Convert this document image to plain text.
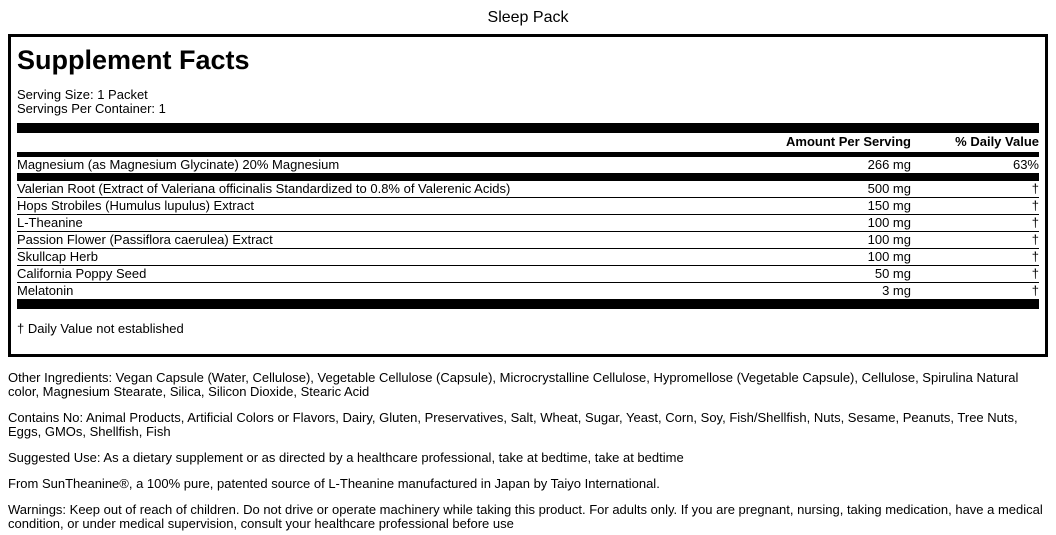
Sleep Pack
Supplement Facts
Serving Size: 1 Packet
Servings Per Container: 1
Amount Per Serving	% Daily Value
Magnesium (as Magnesium Glycinate) 20% Magnesium	266 mg	63%
Valerian Root (Extract of Valeriana officinalis Standardized to 0.8% of Valerenic Acids)	500 mg	†
Hops Strobiles (Humulus lupulus) Extract	150 mg	†
L-Theanine	100 mg	†
Passion Flower (Passiflora caerulea) Extract	100 mg	†
Skullcap Herb	100 mg	†
California Poppy Seed	50 mg	†
Melatonin	3 mg	†
† Daily Value not established

Other Ingredients: Vegan Capsule (Water, Cellulose), Vegetable Cellulose (Capsule), Microcrystalline Cellulose, Hypromellose (Vegetable Capsule), Cellulose, Spirulina Natural color, Magnesium Stearate, Silica, Silicon Dioxide, Stearic Acid

Contains No: Animal Products, Artificial Colors or Flavors, Dairy, Gluten, Preservatives, Salt, Wheat, Sugar, Yeast, Corn, Soy, Fish/Shellfish, Nuts, Sesame, Peanuts, Tree Nuts, Eggs, GMOs, Shellfish, Fish

Suggested Use: As a dietary supplement or as directed by a healthcare professional, take at bedtime, take at bedtime

From SunTheanine®, a 100% pure, patented source of L-Theanine manufactured in Japan by Taiyo International.

Warnings: Keep out of reach of children. Do not drive or operate machinery while taking this product. For adults only. If you are pregnant, nursing, taking medication, have a medical condition, or under medical supervision, consult your healthcare professional before use
